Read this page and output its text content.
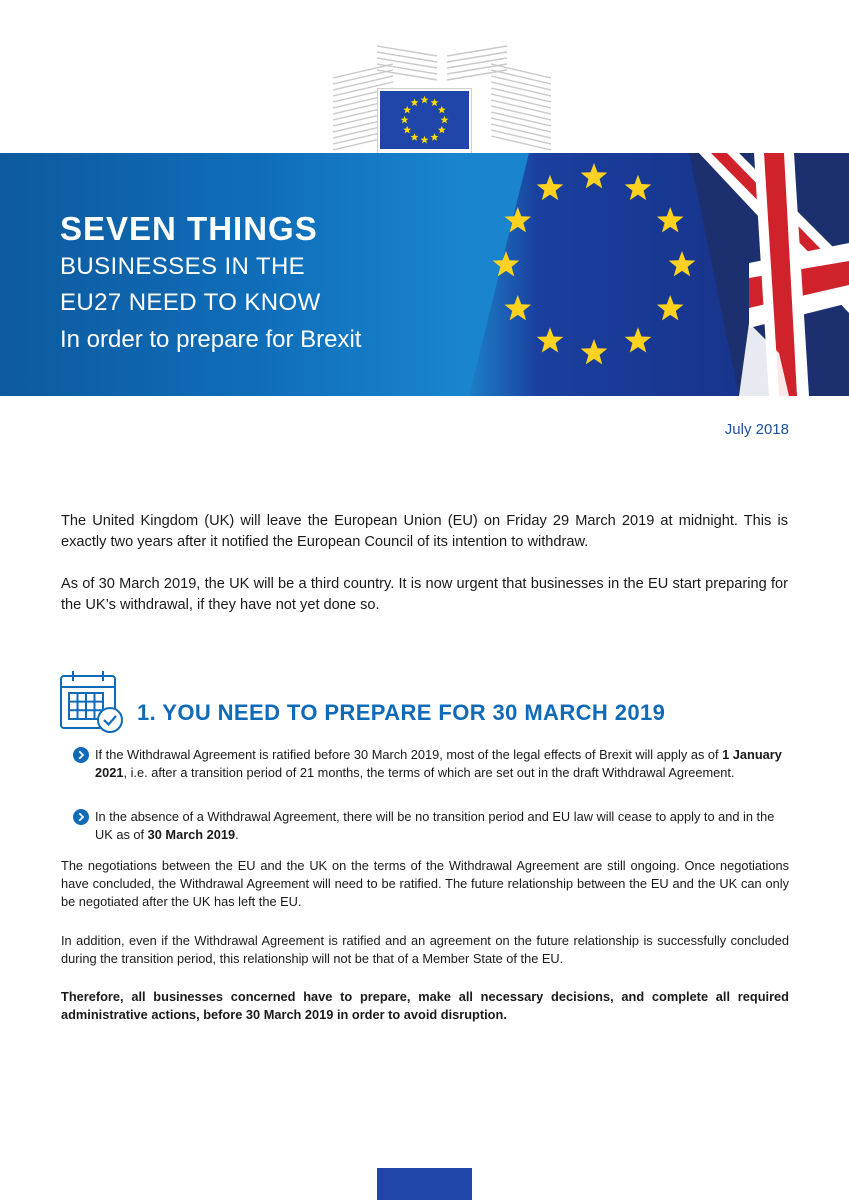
SEVEN THINGS
BUSINESSES IN THE
EU27 NEED TO KNOW
In order to prepare for Brexit
July 2018
The United Kingdom (UK) will leave the European Union (EU) on Friday 29 March 2019 at midnight. This is exactly two years after it notified the European Council of its intention to withdraw.
As of 30 March 2019, the UK will be a third country. It is now urgent that businesses in the EU start preparing for the UK’s withdrawal, if they have not yet done so.
1. YOU NEED TO PREPARE FOR 30 MARCH 2019
If the Withdrawal Agreement is ratified before 30 March 2019, most of the legal effects of Brexit will apply as of 1 January 2021, i.e. after a transition period of 21 months, the terms of which are set out in the draft Withdrawal Agreement.
In the absence of a Withdrawal Agreement, there will be no transition period and EU law will cease to apply to and in the UK as of 30 March 2019.
The negotiations between the EU and the UK on the terms of the Withdrawal Agreement are still ongoing. Once negotiations have concluded, the Withdrawal Agreement will need to be ratified. The future relationship between the EU and the UK can only be negotiated after the UK has left the EU.
In addition, even if the Withdrawal Agreement is ratified and an agreement on the future relationship is successfully concluded during the transition period, this relationship will not be that of a Member State of the EU.
Therefore, all businesses concerned have to prepare, make all necessary decisions, and complete all required administrative actions, before 30 March 2019 in order to avoid disruption.
